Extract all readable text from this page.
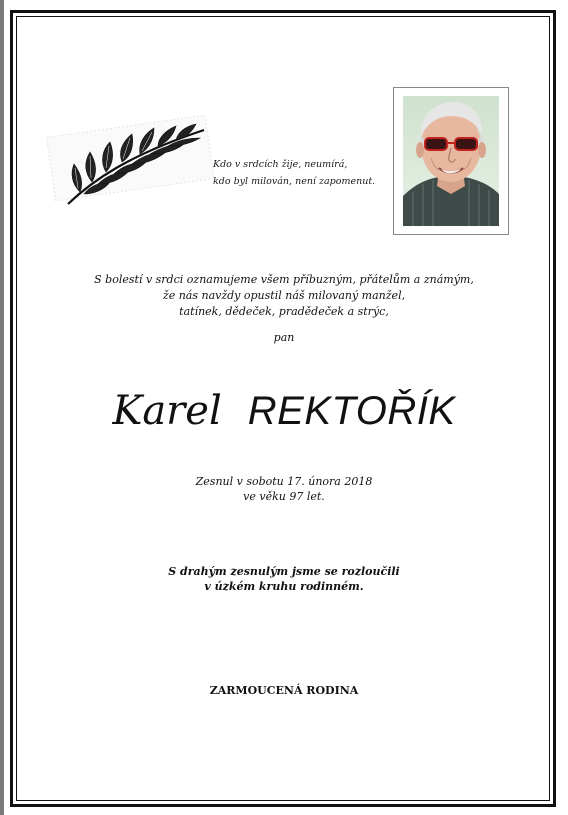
Kdo v srdcích žije, neumírá,
kdo byl milován, není zapomenut.
S bolestí v srdci oznamujeme všem příbuzným, přátelům a známým,
že nás navždy opustil náš milovaný manžel,
tatínek, dědeček, pradědeček a strýc,
pan
Karel REKTOŘÍK
Zesnul v sobotu 17. února 2018
ve věku 97 let.
S drahým zesnulým jsme se rozloučili
v úzkém kruhu rodinném.
ZARMOUCENÁ RODINA
